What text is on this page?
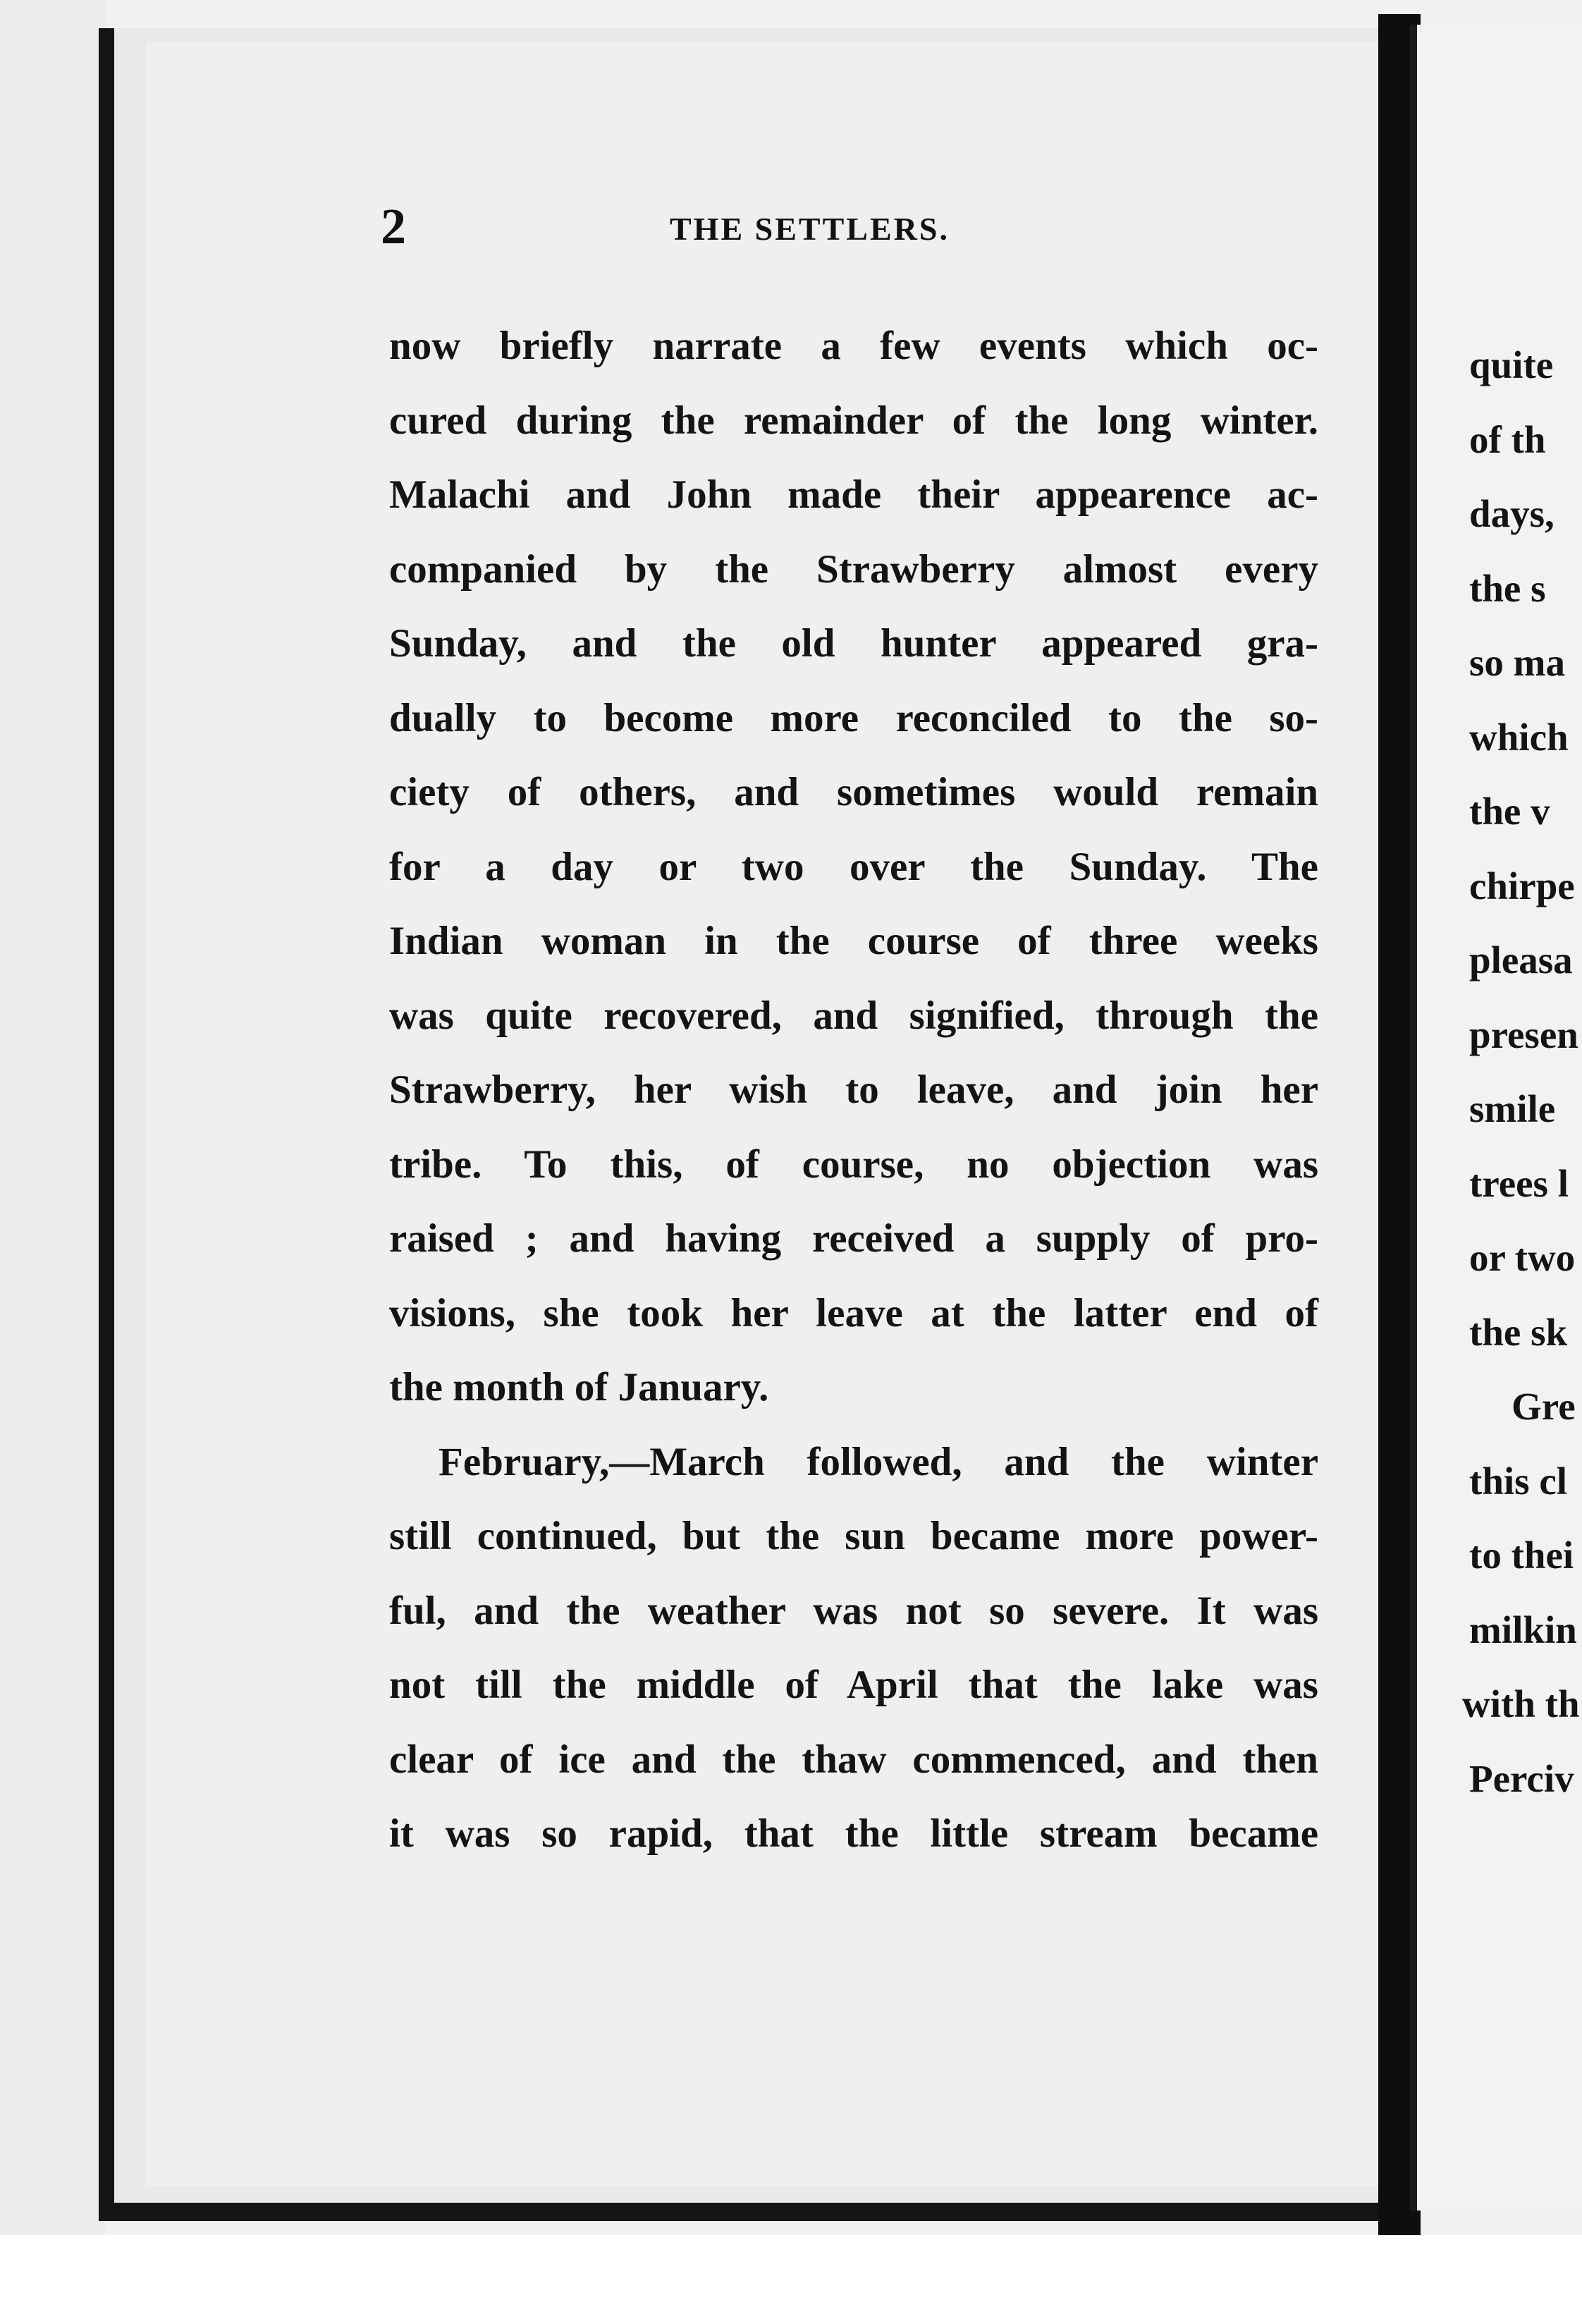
2	THE SETTLERS.
now briefly narrate a few events which oc-
cured during the remainder of the long winter.
Malachi and John made their appearence ac-
companied by the Strawberry almost every
Sunday, and the old hunter appeared gra-
dually to become more reconciled to the so-
ciety of others, and sometimes would remain
for a day or two over the Sunday. The
Indian woman in the course of three weeks
was quite recovered, and signified, through the
Strawberry, her wish to leave, and join her
tribe. To this, of course, no objection was
raised ; and having received a supply of pro-
visions, she took her leave at the latter end of
the month of January.
February,—March followed, and the winter
still continued, but the sun became more power-
ful, and the weather was not so severe. It was
not till the middle of April that the lake was
clear of ice and the thaw commenced, and then
it was so rapid, that the little stream became
quite
of th
days,
the s
so ma
which
the v
chirpe
pleasa
presen
smile
trees l
or two
the sk
Gre
this cl
to thei
milkin
with th
Perciv
